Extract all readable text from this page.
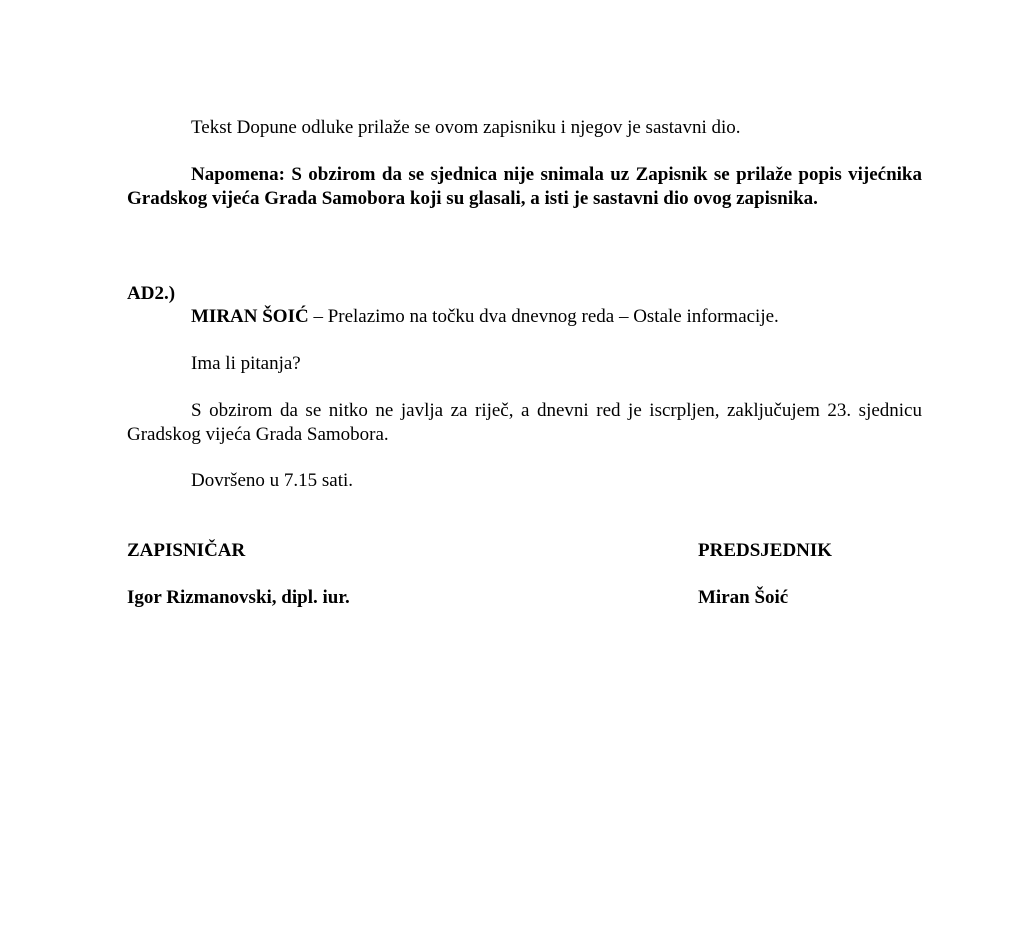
Tekst Dopune odluke prilaže se ovom zapisniku i njegov je sastavni dio.

Napomena: S obzirom da se sjednica nije snimala uz Zapisnik se prilaže popis vijećnika Gradskog vijeća Grada Samobora koji su glasali, a isti je sastavni dio ovog zapisnika.

AD2.)

MIRAN ŠOIĆ – Prelazimo na točku dva dnevnog reda – Ostale informacije.

Ima li pitanja?

S obzirom da se nitko ne javlja za riječ, a dnevni red je iscrpljen, zaključujem 23. sjednicu Gradskog vijeća Grada Samobora.

Dovršeno u 7.15 sati.

ZAPISNIČAR	PREDSJEDNIK

Igor Rizmanovski, dipl. iur.	Miran Šoić
